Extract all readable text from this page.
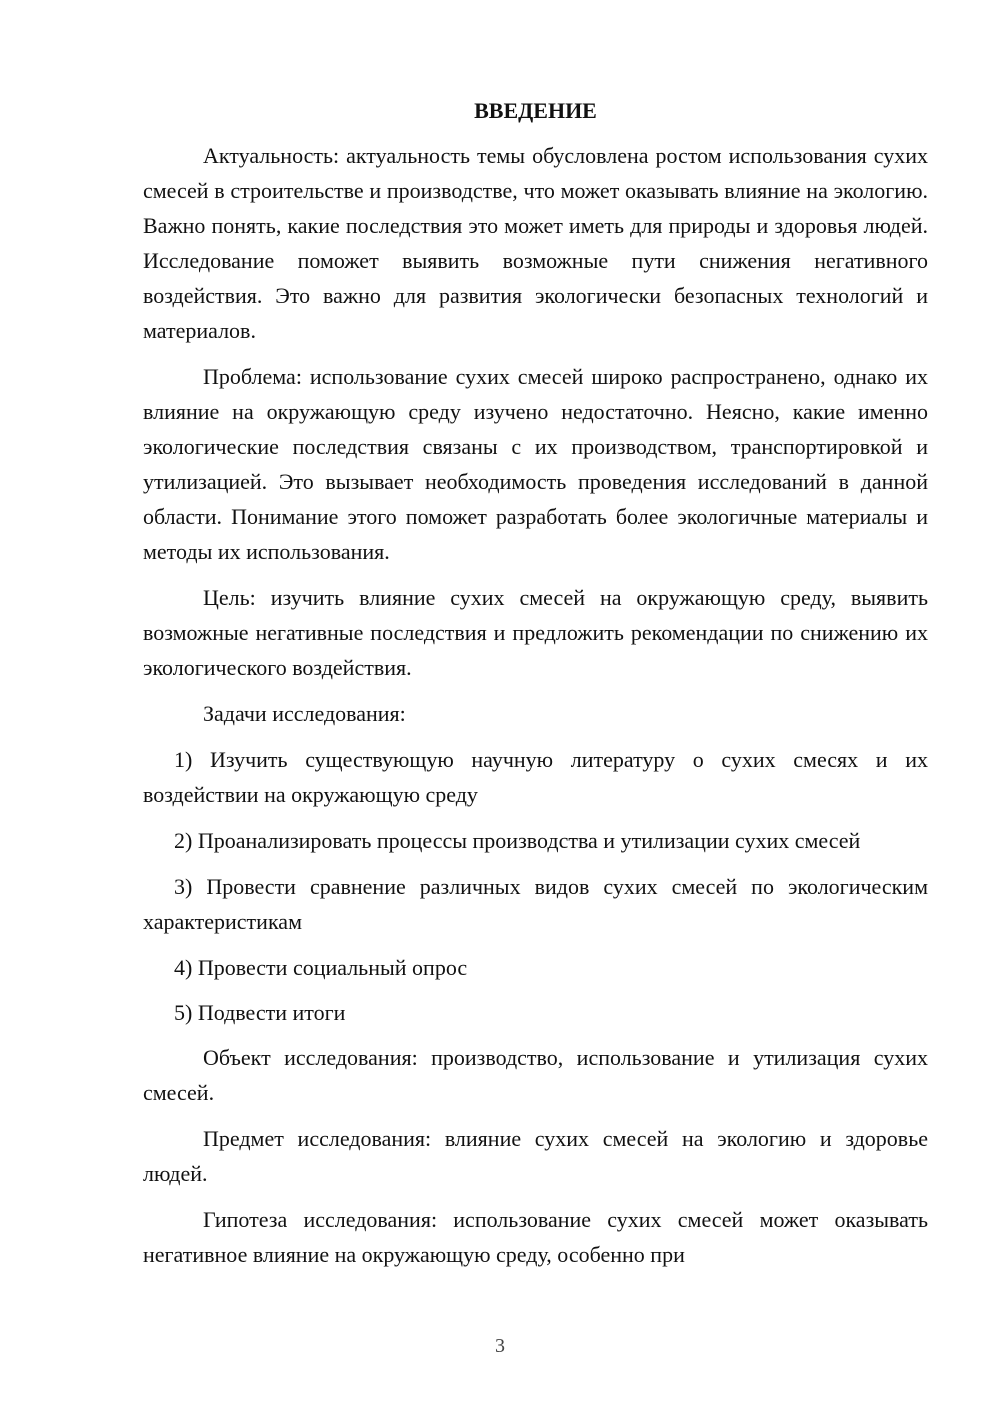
ВВЕДЕНИЕ

Актуальность: актуальность темы обусловлена ростом использования сухих смесей в строительстве и производстве, что может оказывать влияние на экологию. Важно понять, какие последствия это может иметь для природы и здоровья людей. Исследование поможет выявить возможные пути снижения негативного воздействия. Это важно для развития экологически безопасных технологий и материалов.

Проблема: использование сухих смесей широко распространено, однако их влияние на окружающую среду изучено недостаточно. Неясно, какие именно экологические последствия связаны с их производством, транспортировкой и утилизацией. Это вызывает необходимость проведения исследований в данной области. Понимание этого поможет разработать более экологичные материалы и методы их использования.

Цель: изучить влияние сухих смесей на окружающую среду, выявить возможные негативные последствия и предложить рекомендации по снижению их экологического воздействия.

Задачи исследования:

1) Изучить существующую научную литературу о сухих смесях и их воздействии на окружающую среду

2) Проанализировать процессы производства и утилизации сухих смесей

3) Провести сравнение различных видов сухих смесей по экологическим характеристикам

4) Провести социальный опрос

5) Подвести итоги

Объект исследования: производство, использование и утилизация сухих смесей.

Предмет исследования: влияние сухих смесей на экологию и здоровье людей.

Гипотеза исследования: использование сухих смесей может оказывать негативное влияние на окружающую среду, особенно при

3
